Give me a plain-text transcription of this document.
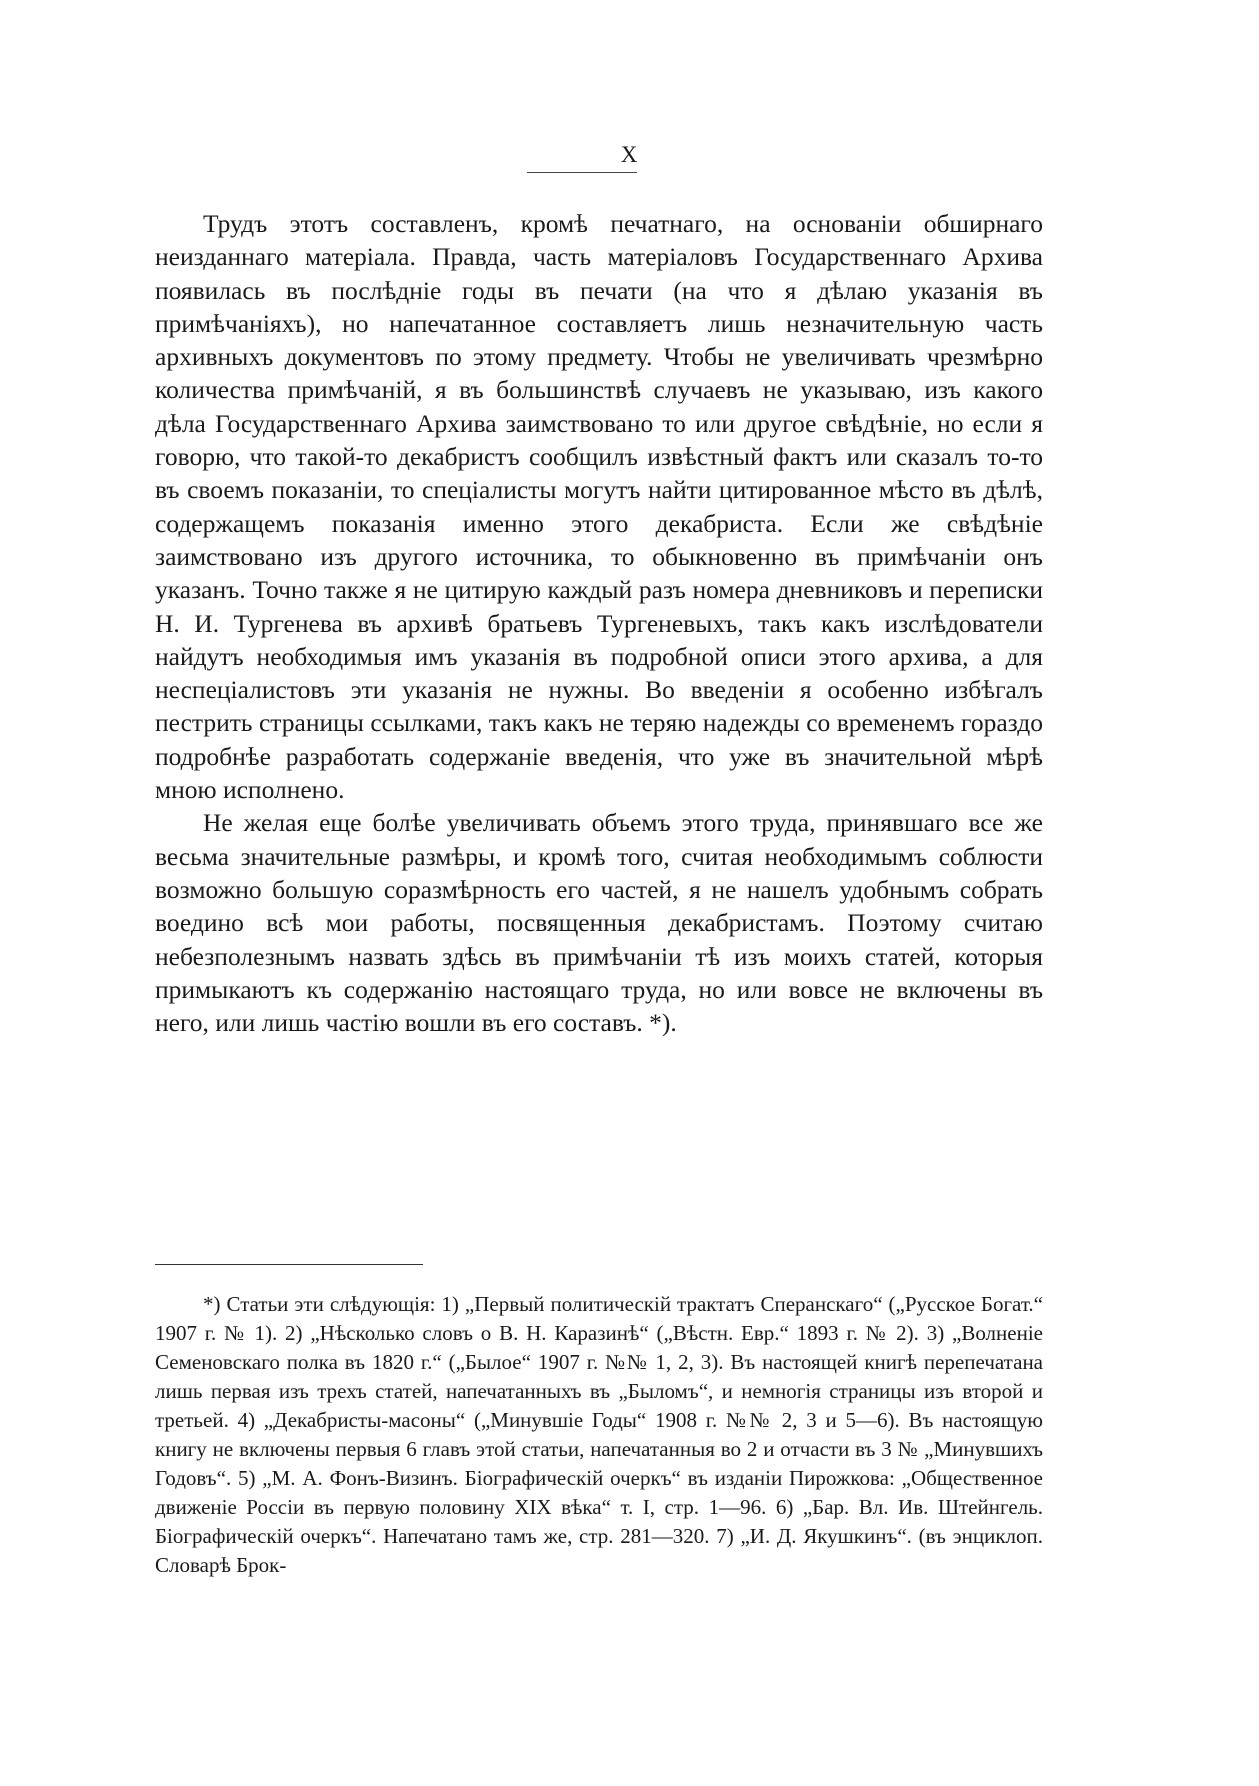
X

Трудъ этотъ составленъ, кромѣ печатнаго, на основанiи обширнаго неизданнаго матерiала. Правда, часть матерiаловъ Государственнаго Архива появилась въ послѣднiе годы въ печати (на что я дѣлаю указанiя въ примѣчанiяхъ), но напечатанное составляетъ лишь незначительную часть архивныхъ документовъ по этому предмету. Чтобы не увеличивать чрезмѣрно количества примѣчанiй, я въ большинствѣ случаевъ не указываю, изъ какого дѣла Государственнаго Архива заимствовано то или другое свѣдѣнiе, но если я говорю, что такой-то декабристъ сообщилъ извѣстный фактъ или сказалъ то-то въ своемъ показанiи, то спецiалисты могутъ найти цитированное мѣсто въ дѣлѣ, содержащемъ показанiя именно этого декабриста. Если же свѣдѣнiе заимствовано изъ другого источника, то обыкновенно въ примѣчанiи онъ указанъ. Точно также я не цитирую каждый разъ номера дневниковъ и переписки Н. И. Тургенева въ архивѣ братьевъ Тургеневыхъ, такъ какъ изслѣдователи найдутъ необходимыя имъ указанiя въ подробной описи этого архива, а для неспецiалистовъ эти указанiя не нужны. Во введенiи я особенно избѣгалъ пестрить страницы ссылками, такъ какъ не теряю надежды со временемъ гораздо подробнѣе разработать содержанiе введенiя, что уже въ значительной мѣрѣ мною исполнено.

Не желая еще болѣе увеличивать объемъ этого труда, принявшаго все же весьма значительные размѣры, и кромѣ того, считая необходимымъ соблюсти возможно большую соразмѣрность его частей, я не нашелъ удобнымъ собрать воедино всѣ мои работы, посвященныя декабристамъ. Поэтому считаю небезполезнымъ назвать здѣсь въ примѣчанiи тѣ изъ моихъ статей, которыя примыкаютъ къ содержанiю настоящаго труда, но или вовсе не включены въ него, или лишь частiю вошли въ его составъ. *).

*) Статьи эти слѣдующiя: 1) „Первый политическiй трактатъ Сперанскаго“ („Русское Богат.“ 1907 г. № 1). 2) „Нѣсколько словъ о В. Н. Каразинѣ“ („Вѣстн. Евр.“ 1893 г. № 2). 3) „Волненiе Семеновскаго полка въ 1820 г.“ („Былое“ 1907 г. №№ 1, 2, 3). Въ настоящей книгѣ перепечатана лишь первая изъ трехъ статей, напечатанныхъ въ „Быломъ“, и немногiя страницы изъ второй и третьей. 4) „Декабристы-масоны“ („Минувшiе Годы“ 1908 г. №№ 2, 3 и 5—6). Въ настоящую книгу не включены первыя 6 главъ этой статьи, напечатанныя во 2 и отчасти въ 3 № „Минувшихъ Годовъ“. 5) „М. А. Фонъ-Визинъ. Бiографическiй очеркъ“ въ изданiи Пирожкова: „Общественное движенiе Россiи въ первую половину XIX вѣка“ т. I, стр. 1—96. 6) „Бар. Вл. Ив. Штейнгель. Бiографическiй очеркъ“. Напечатано тамъ же, стр. 281—320. 7) „И. Д. Якушкинъ“. (въ энциклоп. Словарѣ Брок-
